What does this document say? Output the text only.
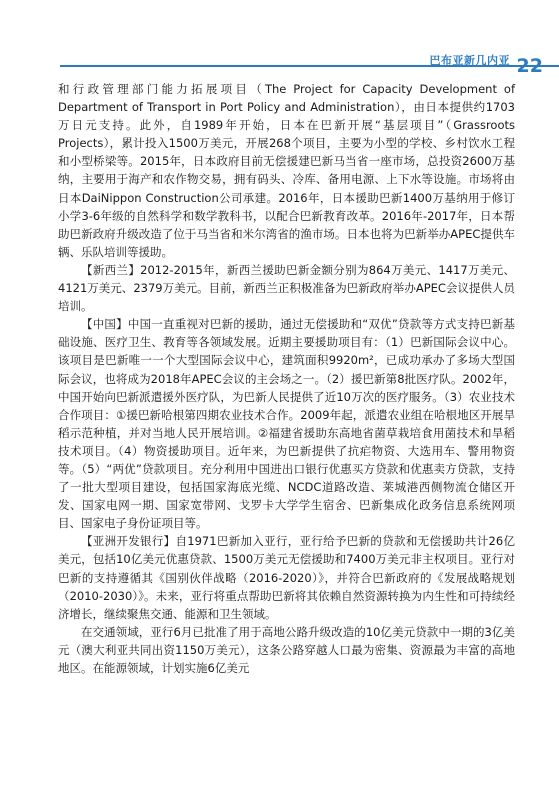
巴布亚新几内亚 22

和行政管理部门能力拓展项目（The Project for Capacity Development of Department of Transport in Port Policy and Administration），由日本提供约1703万日元支持。此外，自1989年开始，日本在巴新开展“基层项目”（Grassroots Projects），累计投入1500万美元，开展268个项目，主要为小型的学校、乡村饮水工程和小型桥梁等。2015年，日本政府目前无偿援建巴新马当省一座市场，总投资2600万基纳，主要用于海产和农作物交易，拥有码头、冷库、备用电源、上下水等设施。市场将由日本DaiNippon Construction公司承建。2016年，日本援助巴新1400万基纳用于修订小学3-6年级的自然科学和数学教科书，以配合巴新教育改革。2016年-2017年，日本帮助巴新政府升级改造了位于马当省和米尔湾省的渔市场。日本也将为巴新举办APEC提供车辆、乐队培训等援助。

【新西兰】2012-2015年，新西兰援助巴新金额分别为864万美元、1417万美元、4121万美元、2379万美元。目前，新西兰正积极准备为巴新政府举办APEC会议提供人员培训。

【中国】中国一直重视对巴新的援助，通过无偿援助和“双优”贷款等方式支持巴新基础设施、医疗卫生、教育等各领域发展。近期主要援助项目有：（1）巴新国际会议中心。该项目是巴新唯一一个大型国际会议中心，建筑面积9920m²，已成功承办了多场大型国际会议，也将成为2018年APEC会议的主会场之一。（2）援巴新第8批医疗队。2002年，中国开始向巴新派遣援外医疗队，为巴新人民提供了近10万次的医疗服务。（3）农业技术合作项目：①援巴新哈根第四期农业技术合作。2009年起，派遣农业组在哈根地区开展旱稻示范种植，并对当地人民开展培训。②福建省援助东高地省菌草栽培食用菌技术和旱稻技术项目。（4）物资援助项目。近年来，为巴新提供了抗疟物资、大选用车、警用物资等。（5）“两优”贷款项目。充分利用中国进出口银行优惠买方贷款和优惠卖方贷款，支持了一批大型项目建设，包括国家海底光缆、NCDC道路改造、莱城港西侧物流仓储区开发、国家电网一期、国家宽带网、戈罗卡大学学生宿舍、巴新集成化政务信息系统网项目、国家电子身份证项目等。

【亚洲开发银行】自1971巴新加入亚行，亚行给予巴新的贷款和无偿援助共计26亿美元，包括10亿美元优惠贷款、1500万美元无偿援助和7400万美元非主权项目。亚行对巴新的支持遵循其《国别伙伴战略（2016-2020）》，并符合巴新政府的《发展战略规划（2010-2030）》。未来，亚行将重点帮助巴新将其依赖自然资源转换为内生性和可持续经济增长，继续聚焦交通、能源和卫生领域。

在交通领域，亚行6月已批准了用于高地公路升级改造的10亿美元贷款中一期的3亿美元（澳大利亚共同出资1150万美元），这条公路穿越人口最为密集、资源最为丰富的高地地区。在能源领域，计划实施6亿美元
